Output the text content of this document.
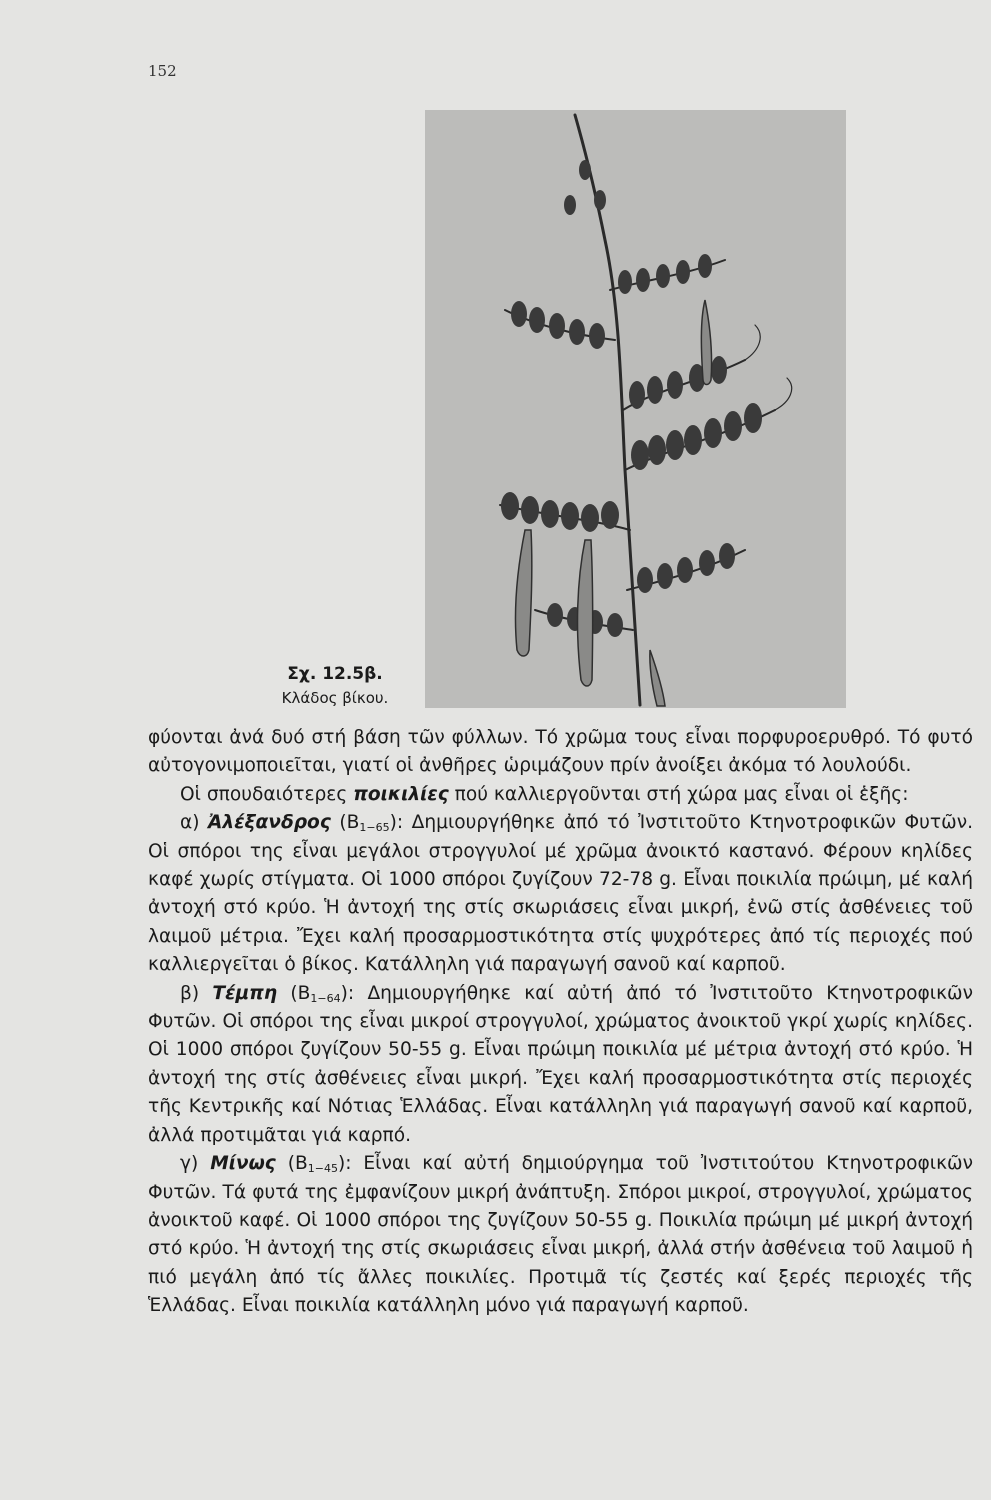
152
Σχ. 12.5β.
Κλάδος βίκου.

φύονται ἀνά δυό στή βάση τῶν φύλλων. Τό χρῶμα τους εἶναι πορφυροερυθρό. Τό φυτό αὐτογονιμοποιεῖται, γιατί οἱ ἀνθῆρες ὡριμάζουν πρίν ἀνοίξει ἀκόμα τό λουλούδι.

Οἱ σπουδαιότερες ποικιλίες πού καλλιεργοῦνται στή χώρα μας εἶναι οἱ ἑξῆς:

α) Ἀλέξανδρος $(B_{1-65})$: Δημιουργήθηκε ἀπό τό Ἰνστιτοῦτο Κτηνοτροφικῶν Φυτῶν. Οἱ σπόροι της εἶναι μεγάλοι στρογγυλοί μέ χρῶμα ἀνοικτό καστανό. Φέρουν κηλίδες καφέ χωρίς στίγματα. Οἱ 1000 σπόροι ζυγίζουν 72-78 g. Εἶναι ποικιλία πρώιμη, μέ καλή ἀντοχή στό κρύο. Ἡ ἀντοχή της στίς σκωριάσεις εἶναι μικρή, ἐνῶ στίς ἀσθένειες τοῦ λαιμοῦ μέτρια. Ἔχει καλή προσαρμοστικότητα στίς ψυχρότερες ἀπό τίς περιοχές πού καλλιεργεῖται ὁ βίκος. Κατάλληλη γιά παραγωγή σανοῦ καί καρποῦ.

β) Τέμπη $(B_{1-64})$: Δημιουργήθηκε καί αὐτή ἀπό τό Ἰνστιτοῦτο Κτηνοτροφικῶν Φυτῶν. Οἱ σπόροι της εἶναι μικροί στρογγυλοί, χρώματος ἀνοικτοῦ γκρί χωρίς κηλίδες. Οἱ 1000 σπόροι ζυγίζουν 50-55 g. Εἶναι πρώιμη ποικιλία μέ μέτρια ἀντοχή στό κρύο. Ἡ ἀντοχή της στίς ἀσθένειες εἶναι μικρή. Ἔχει καλή προσαρμοστικότητα στίς περιοχές τῆς Κεντρικῆς καί Νότιας Ἑλλάδας. Εἶναι κατάλληλη γιά παραγωγή σανοῦ καί καρποῦ, ἀλλά προτιμᾶται γιά καρπό.

γ) Μίνως $(B_{1-45})$: Εἶναι καί αὐτή δημιούργημα τοῦ Ἰνστιτούτου Κτηνοτροφικῶν Φυτῶν. Τά φυτά της ἐμφανίζουν μικρή ἀνάπτυξη. Σπόροι μικροί, στρογγυλοί, χρώματος ἀνοικτοῦ καφέ. Οἱ 1000 σπόροι της ζυγίζουν 50-55 g. Ποικιλία πρώιμη μέ μικρή ἀντοχή στό κρύο. Ἡ ἀντοχή της στίς σκωριάσεις εἶναι μικρή, ἀλλά στήν ἀσθένεια τοῦ λαιμοῦ ἡ πιό μεγάλη ἀπό τίς ἄλλες ποικιλίες. Προτιμᾶ τίς ζεστές καί ξερές περιοχές τῆς Ἑλλάδας. Εἶναι ποικιλία κατάλληλη μόνο γιά παραγωγή καρποῦ.
